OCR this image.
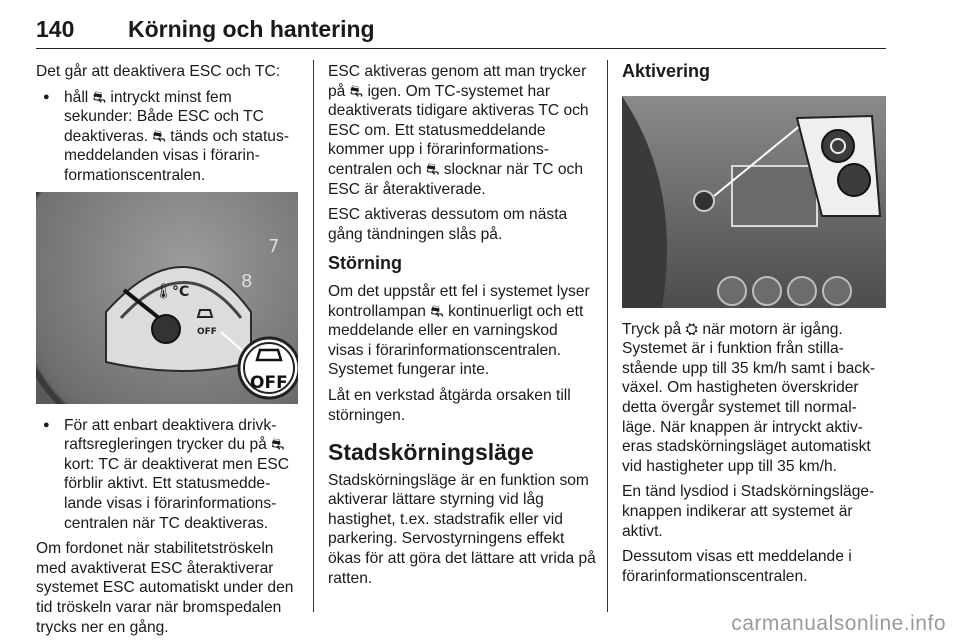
140 Körning och hantering

Det går att deaktivera ESC och TC:

● håll ⛐ intryckt minst fem sekunder: Både ESC och TC deaktiveras. ⛐ tänds och status-meddelanden visas i förarin-formationscentralen.
🌡
°C
OFF
OFF
7
8
● För att enbart deaktivera drivk-raftsregleringen trycker du på ⛐ kort: TC är deaktiverat men ESC förblir aktivt. Ett statusmedde-lande visas i förarinformations-centralen när TC deaktiveras.

Om fordonet när stabilitetströskeln med avaktiverat ESC återaktiverar systemet ESC automatiskt under den tid tröskeln varar när bromspedalen trycks ner en gång.

ESC aktiveras genom att man trycker på ⛐ igen. Om TC-systemet har deaktiverats tidigare aktiveras TC och ESC om. Ett statusmeddelande kommer upp i förarinformations-centralen och ⛐ slocknar när TC och ESC är återaktiverade.

ESC aktiveras dessutom om nästa gång tändningen slås på.

Störning

Om det uppstår ett fel i systemet lyser kontrollampan ⛐ kontinuerligt och ett meddelande eller en varningskod visas i förarinformationscentralen. Systemet fungerar inte.

Låt en verkstad åtgärda orsaken till störningen.

Stadskörningsläge

Stadskörningsläge är en funktion som aktiverar lättare styrning vid låg hastighet, t.ex. stadstrafik eller vid parkering. Servostyrningens effekt ökas för att göra det lättare att vrida på ratten.

Aktivering

Tryck på ⛭ när motorn är igång. Systemet är i funktion från stilla-stående upp till 35 km/h samt i back-växel. Om hastigheten överskrider detta övergår systemet till normal-läge. När knappen är intryckt aktiv-eras stadskörningsläget automatiskt vid hastigheter upp till 35 km/h.

En tänd lysdiod i Stadskörningsläge-knappen indikerar att systemet är aktivt.

Dessutom visas ett meddelande i förarinformationscentralen.

carmanualsonline.info
